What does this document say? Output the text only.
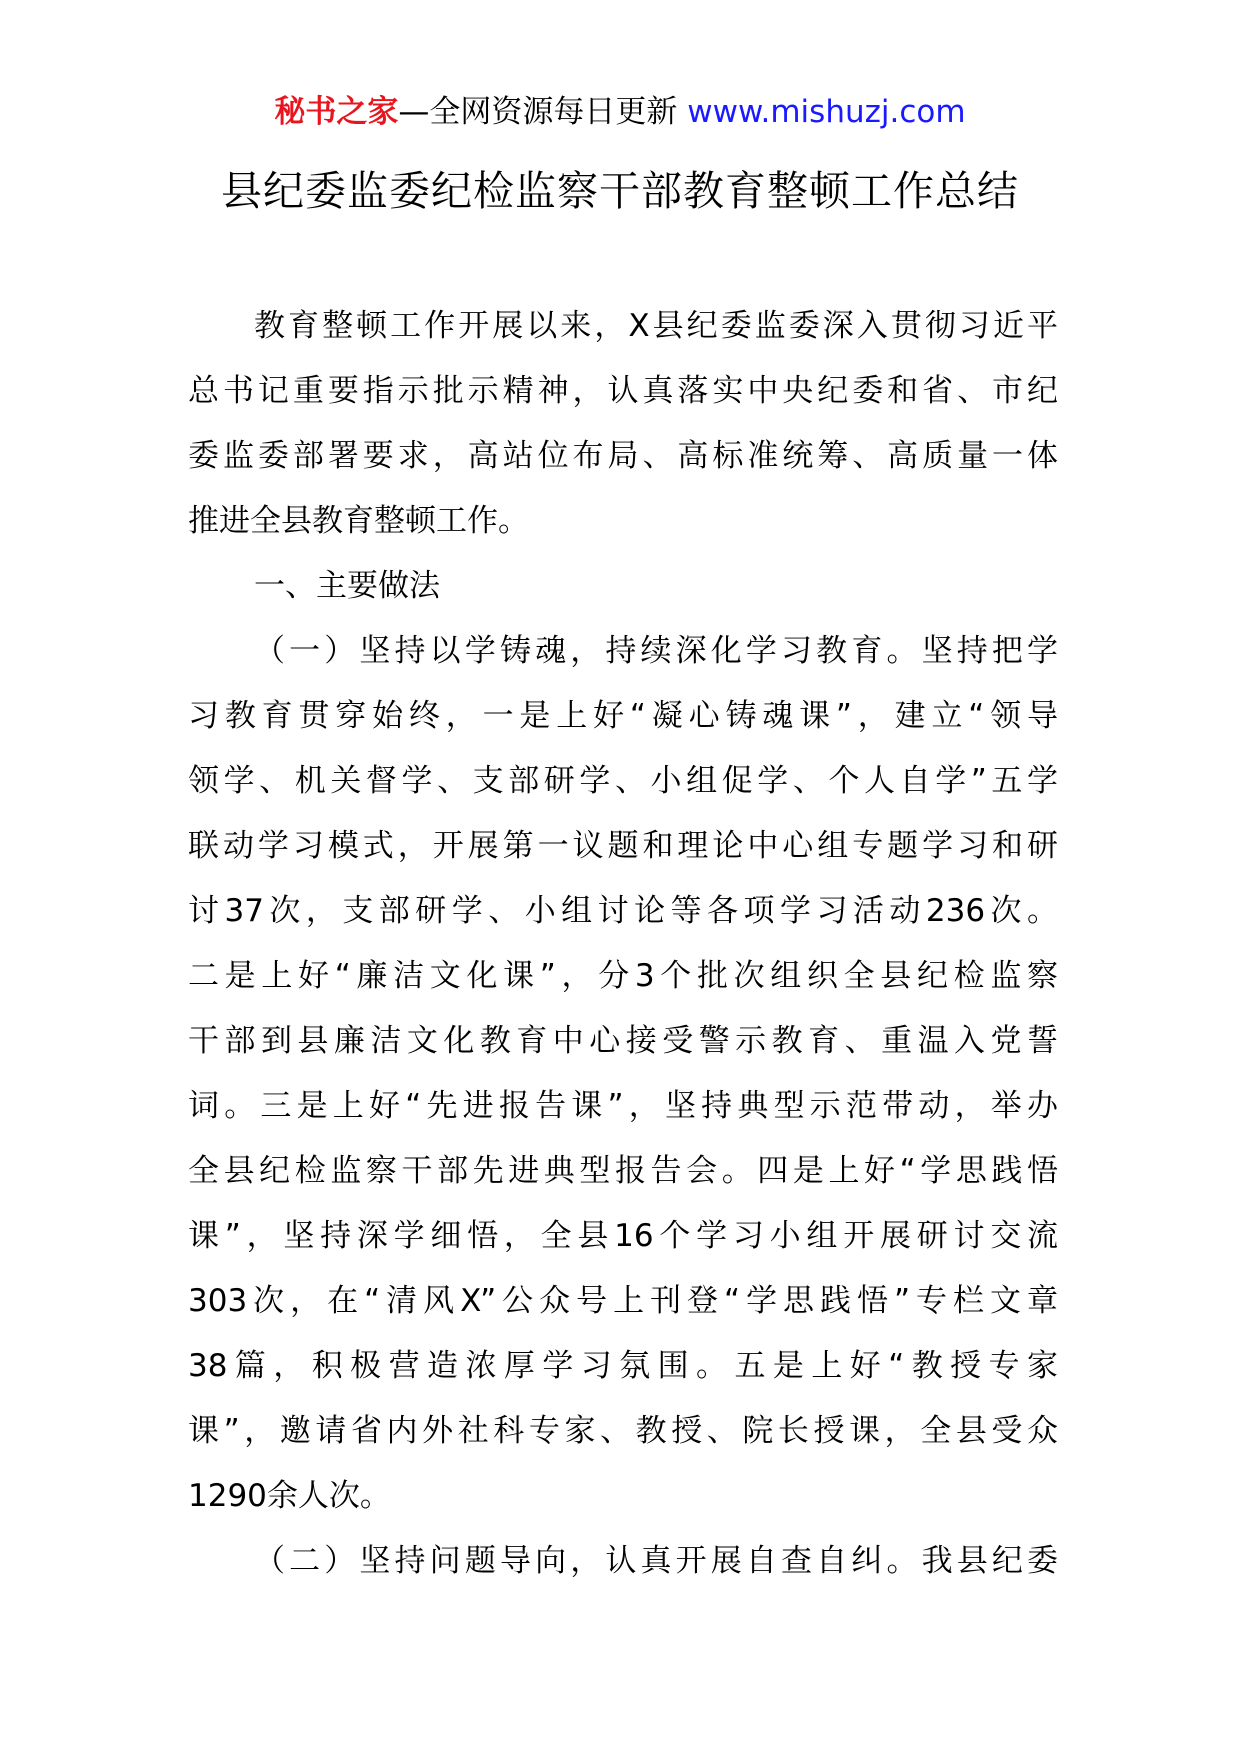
秘书之家—全网资源每日更新 www.mishuzj.com
县纪委监委纪检监察干部教育整顿工作总结
教育整顿工作开展以来，X县纪委监委深入贯彻习近平
总书记重要指示批示精神，认真落实中央纪委和省、市纪
委监委部署要求，高站位布局、高标准统筹、高质量一体
推进全县教育整顿工作。
一、主要做法
（一）坚持以学铸魂，持续深化学习教育。坚持把学
习教育贯穿始终，一是上好“凝心铸魂课”，建立“领导
领学、机关督学、支部研学、小组促学、个人自学”五学
联动学习模式，开展第一议题和理论中心组专题学习和研
讨37次，支部研学、小组讨论等各项学习活动236次。
二是上好“廉洁文化课”，分3个批次组织全县纪检监察
干部到县廉洁文化教育中心接受警示教育、重温入党誓
词。三是上好“先进报告课”，坚持典型示范带动，举办
全县纪检监察干部先进典型报告会。四是上好“学思践悟
课”，坚持深学细悟，全县16个学习小组开展研讨交流
303次，在“清风X”公众号上刊登“学思践悟”专栏文章
38篇，积极营造浓厚学习氛围。五是上好“教授专家
课”，邀请省内外社科专家、教授、院长授课，全县受众
1290余人次。
（二）坚持问题导向，认真开展自查自纠。我县纪委
